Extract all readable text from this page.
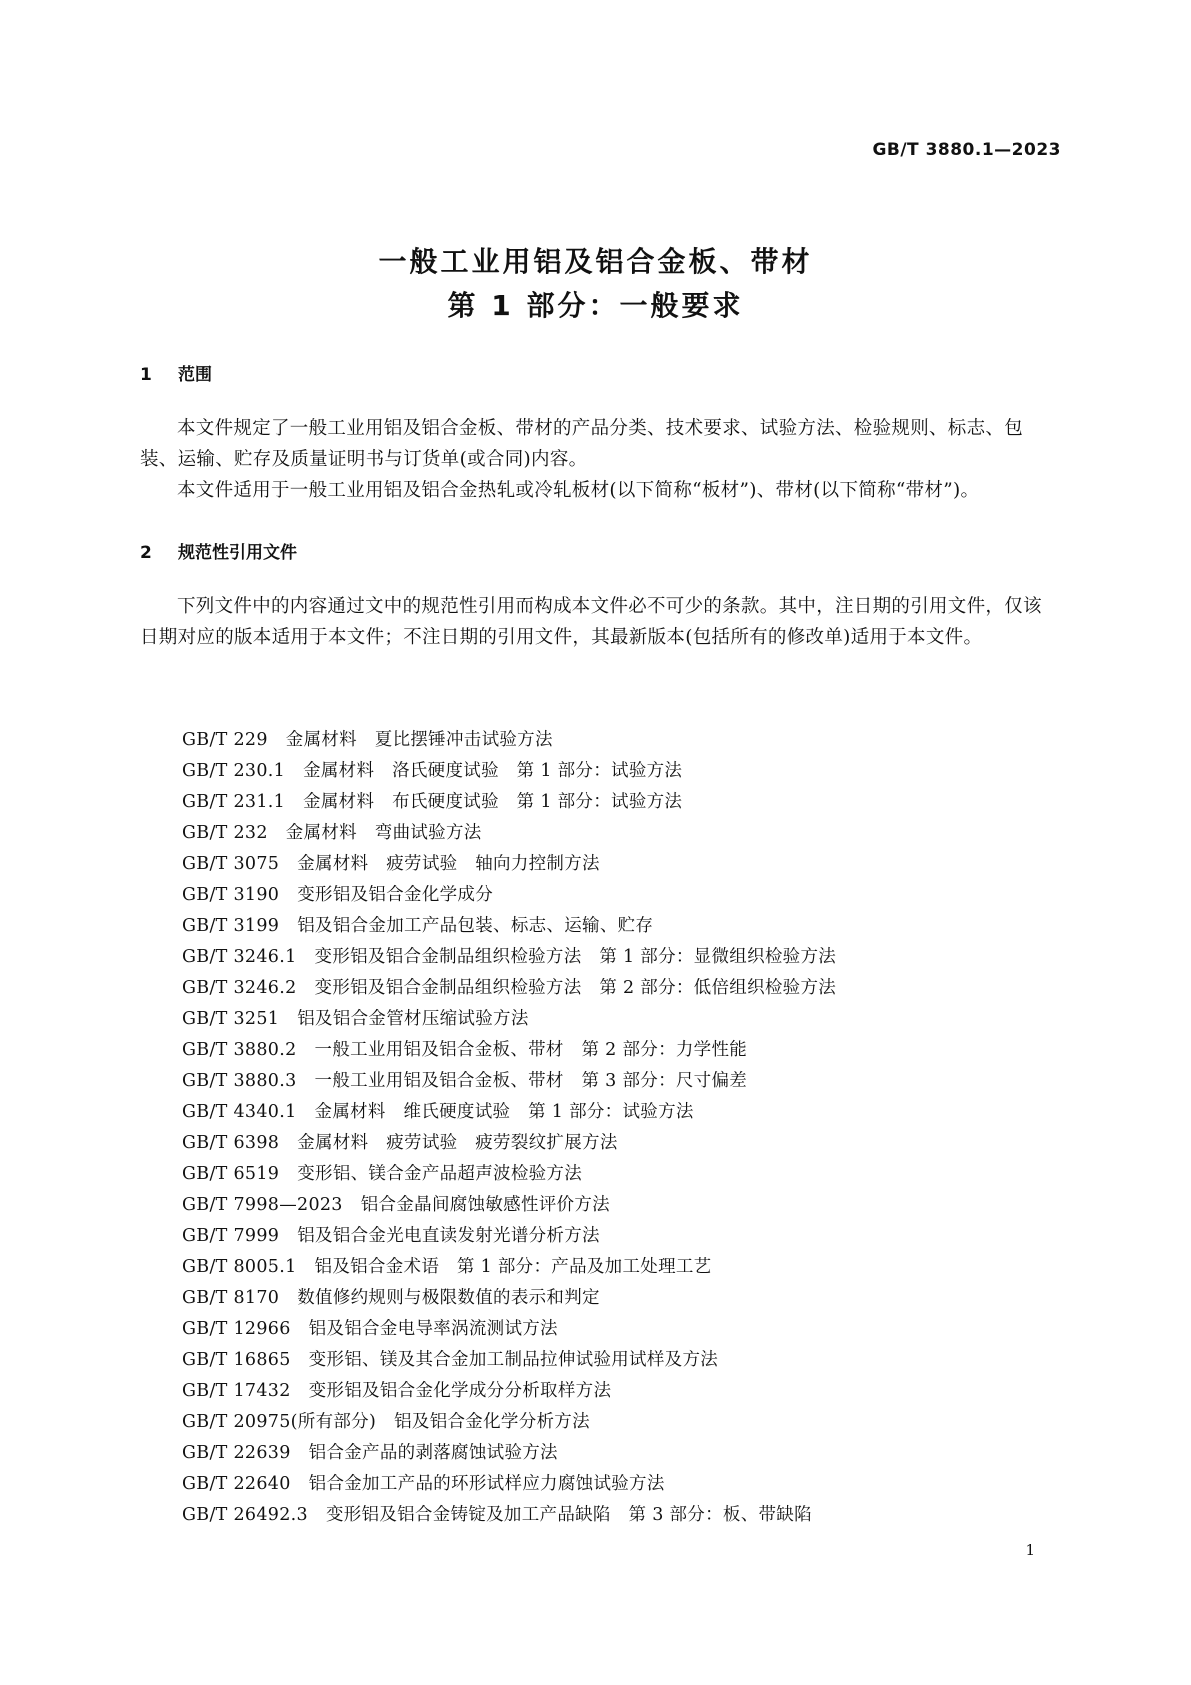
GB/T 3880.1—2023
一般工业用铝及铝合金板、带材
第 1 部分：一般要求
1 范围

本文件规定了一般工业用铝及铝合金板、带材的产品分类、技术要求、试验方法、检验规则、标志、包装、运输、贮存及质量证明书与订货单(或合同)内容。

本文件适用于一般工业用铝及铝合金热轧或冷轧板材(以下简称“板材”)、带材(以下简称“带材”)。

2 规范性引用文件

下列文件中的内容通过文中的规范性引用而构成本文件必不可少的条款。其中，注日期的引用文件，仅该日期对应的版本适用于本文件；不注日期的引用文件，其最新版本(包括所有的修改单)适用于本文件。

GB/T 229 金属材料　夏比摆锤冲击试验方法
GB/T 230.1 金属材料　洛氏硬度试验　第 1 部分：试验方法
GB/T 231.1 金属材料　布氏硬度试验　第 1 部分：试验方法
GB/T 232 金属材料　弯曲试验方法
GB/T 3075 金属材料　疲劳试验　轴向力控制方法
GB/T 3190 变形铝及铝合金化学成分
GB/T 3199 铝及铝合金加工产品包装、标志、运输、贮存
GB/T 3246.1 变形铝及铝合金制品组织检验方法　第 1 部分：显微组织检验方法
GB/T 3246.2 变形铝及铝合金制品组织检验方法　第 2 部分：低倍组织检验方法
GB/T 3251 铝及铝合金管材压缩试验方法
GB/T 3880.2 一般工业用铝及铝合金板、带材　第 2 部分：力学性能
GB/T 3880.3 一般工业用铝及铝合金板、带材　第 3 部分：尺寸偏差
GB/T 4340.1 金属材料　维氏硬度试验　第 1 部分：试验方法
GB/T 6398 金属材料　疲劳试验　疲劳裂纹扩展方法
GB/T 6519 变形铝、镁合金产品超声波检验方法
GB/T 7998—2023 铝合金晶间腐蚀敏感性评价方法
GB/T 7999 铝及铝合金光电直读发射光谱分析方法
GB/T 8005.1 铝及铝合金术语　第 1 部分：产品及加工处理工艺
GB/T 8170 数值修约规则与极限数值的表示和判定
GB/T 12966 铝及铝合金电导率涡流测试方法
GB/T 16865 变形铝、镁及其合金加工制品拉伸试验用试样及方法
GB/T 17432 变形铝及铝合金化学成分分析取样方法
GB/T 20975(所有部分) 铝及铝合金化学分析方法
GB/T 22639 铝合金产品的剥落腐蚀试验方法
GB/T 22640 铝合金加工产品的环形试样应力腐蚀试验方法
GB/T 26492.3 变形铝及铝合金铸锭及加工产品缺陷　第 3 部分：板、带缺陷
1
